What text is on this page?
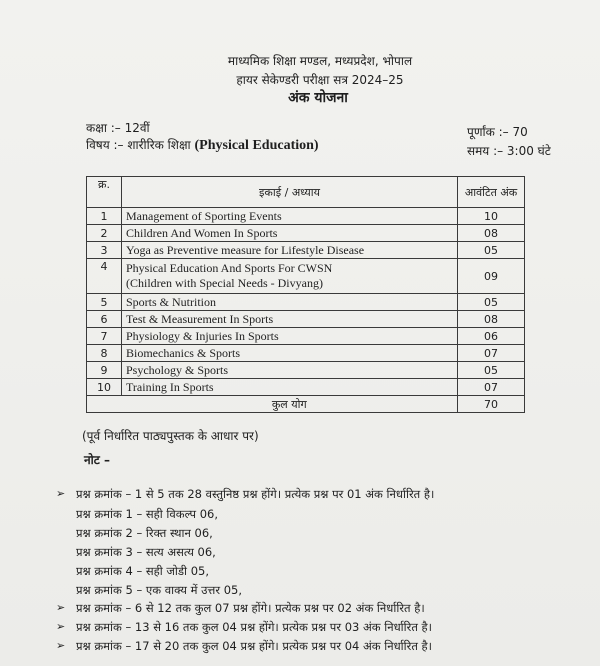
माध्यमिक शिक्षा मण्डल, मध्यप्रदेश, भोपाल
हायर सेकेण्डरी परीक्षा सत्र 2024–25
अंक योजना
कक्षा :– 12वीं
विषय :– शारीरिक शिक्षा (Physical Education)
पूर्णांक :– 70
समय :– 3:00 घंटे
क्र.	इकाई / अध्याय	आवंटित अंक
1	Management of Sporting Events	10
2	Children And Women In Sports	08
3	Yoga as Preventive measure for Lifestyle Disease	05
4	Physical Education And Sports For CWSN
(Children with Special Needs - Divyang)	09
5	Sports & Nutrition	05
6	Test & Measurement In Sports	08
7	Physiology & Injuries In Sports	06
8	Biomechanics & Sports	07
9	Psychology & Sports	05
10	Training In Sports	07
	कुल योग	70
(पूर्व निर्धारित पाठ्यपुस्तक के आधार पर)
नोट –
➢ प्रश्न क्रमांक – 1 से 5 तक 28 वस्तुनिष्ठ प्रश्न होंगे। प्रत्येक प्रश्न पर 01 अंक निर्धारित है।
प्रश्न क्रमांक 1 – सही विकल्प 06,
प्रश्न क्रमांक 2 – रिक्त स्थान 06,
प्रश्न क्रमांक 3 – सत्य असत्य 06,
प्रश्न क्रमांक 4 – सही जोडी 05,
प्रश्न क्रमांक 5 – एक वाक्य में उत्तर 05,
➢ प्रश्न क्रमांक – 6 से 12 तक कुल 07 प्रश्न होंगे। प्रत्येक प्रश्न पर 02 अंक निर्धारित है।
➢ प्रश्न क्रमांक – 13 से 16 तक कुल 04 प्रश्न होंगे। प्रत्येक प्रश्न पर 03 अंक निर्धारित है।
➢ प्रश्न क्रमांक – 17 से 20 तक कुल 04 प्रश्न होंगे। प्रत्येक प्रश्न पर 04 अंक निर्धारित है।
